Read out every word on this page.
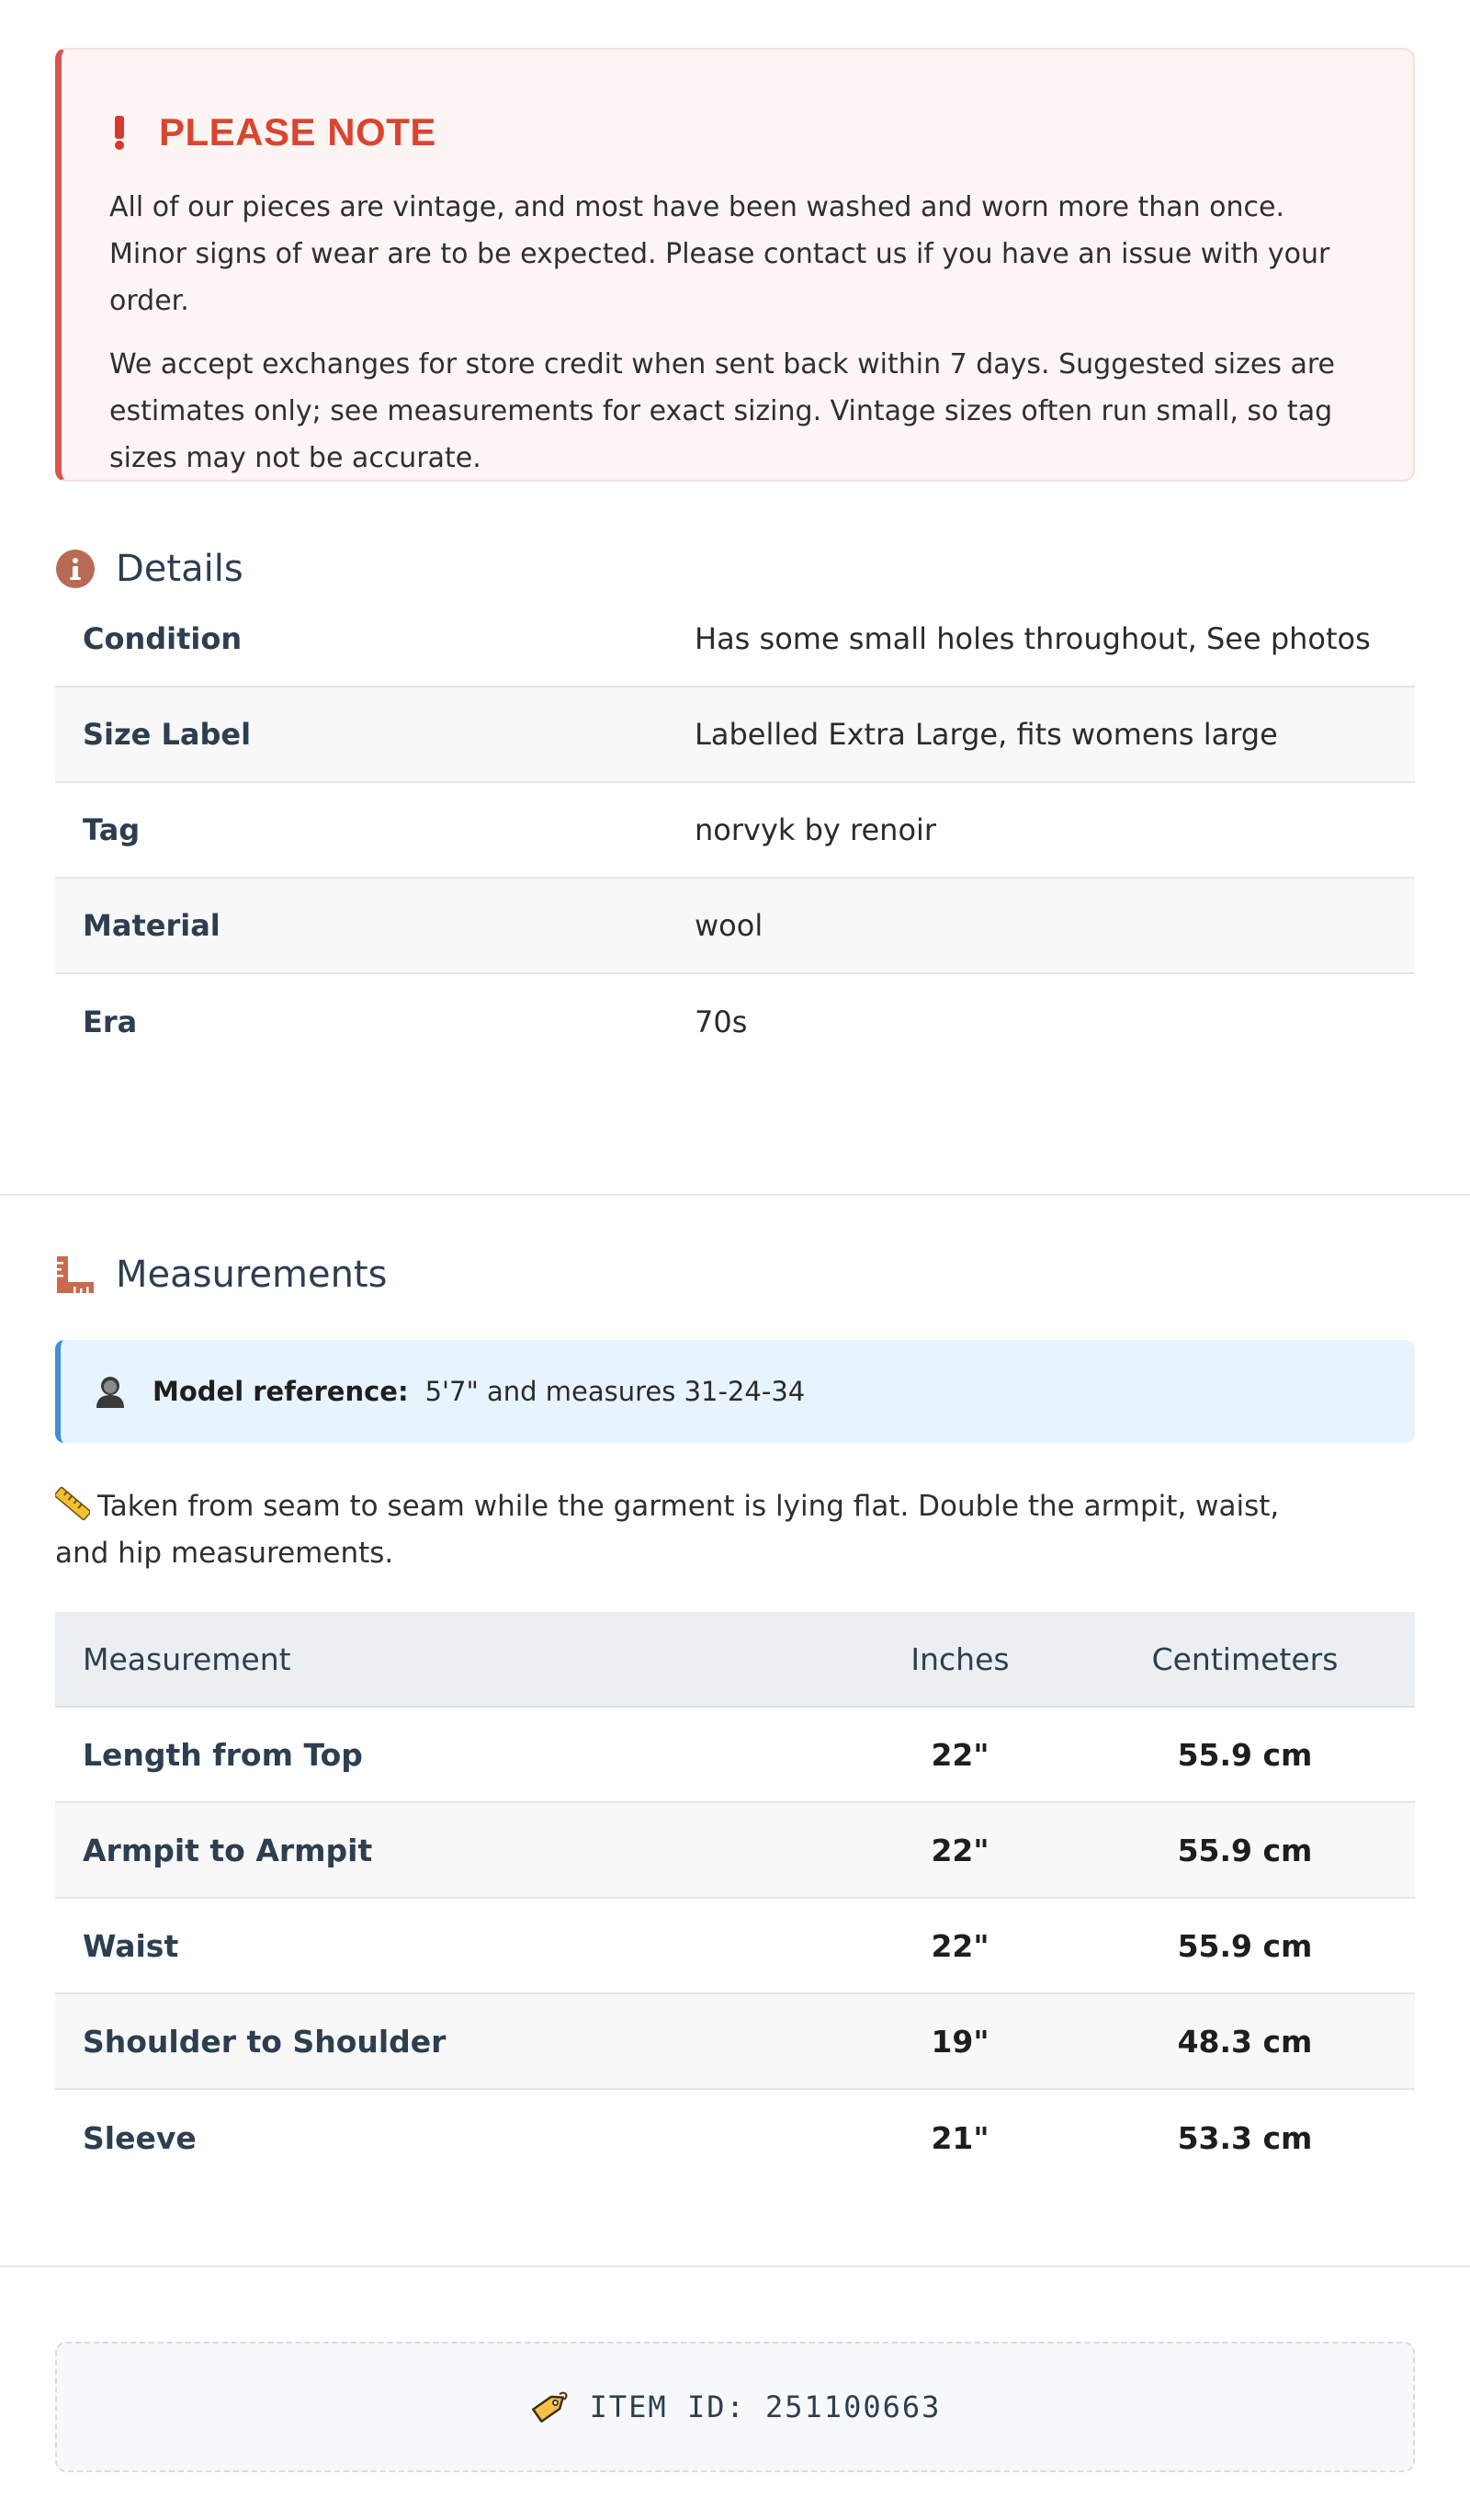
PLEASE NOTE

All of our pieces are vintage, and most have been washed and worn more than once. Minor signs of wear are to be expected. Please contact us if you have an issue with your order.

We accept exchanges for store credit when sent back within 7 days. Suggested sizes are estimates only; see measurements for exact sizing. Vintage sizes often run small, so tag sizes may not be accurate.

Details
Condition	Has some small holes throughout, See photos
Size Label	Labelled Extra Large, fits womens large
Tag	norvyk by renoir
Material	wool
Era	70s
Measurements
Model reference: 5'7" and measures 31-24-34

Taken from seam to seam while the garment is lying flat. Double the armpit, waist, and hip measurements.

Measurement	Inches	Centimeters
Length from Top	22"	55.9 cm
Armpit to Armpit	22"	55.9 cm
Waist	22"	55.9 cm
Shoulder to Shoulder	19"	48.3 cm
Sleeve	21"	53.3 cm
ITEM ID: 251100663
